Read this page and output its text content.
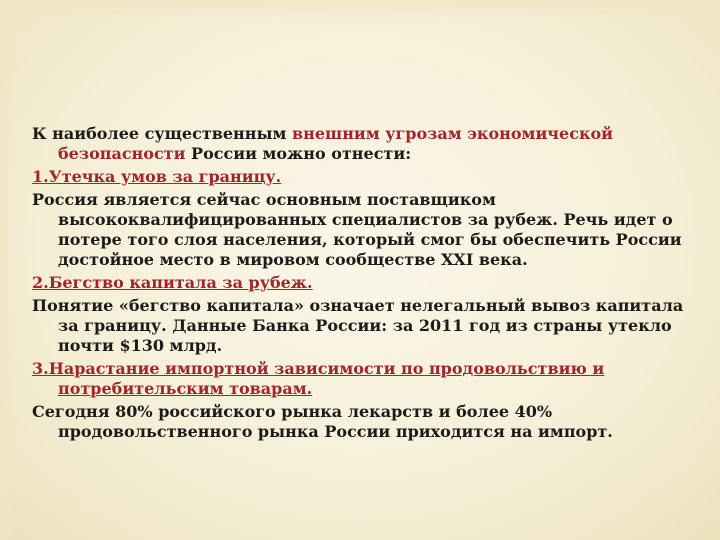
К наиболее существенным внешним угрозам экономической безопасности России можно отнести:

1.Утечка умов за границу.

Россия является сейчас основным поставщиком высококвалифицированных специалистов за рубеж. Речь идет о потере того слоя населения, который смог бы обеспечить России достойное место в мировом сообществе XXI века.

2.Бегство капитала за рубеж.

Понятие «бегство капитала» означает нелегальный вывоз капитала за границу. Данные Банка России: за 2011 год из страны утекло почти $130 млрд.

3.Нарастание импортной зависимости по продовольствию и потребительским товарам.

Сегодня 80% российского рынка лекарств и более 40% продовольственного рынка России приходится на импорт.
